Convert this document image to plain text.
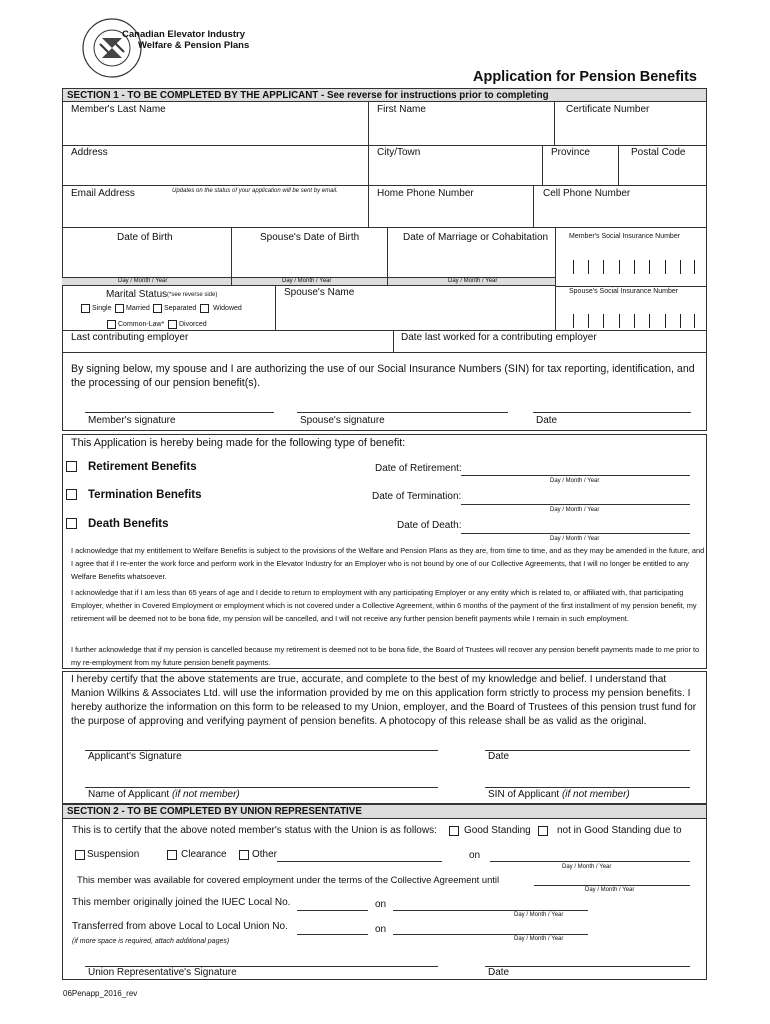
Canadian Elevator Industry
Welfare & Pension Plans
Application for Pension Benefits
SECTION 1 - TO BE COMPLETED BY THE APPLICANT - See reverse for instructions prior to completing
Member's Last Name	First Name	Certificate Number
Address	City/Town	Province	Postal Code
Email Address	Updates on the status of your application will be sent by email.	Home Phone Number	Cell Phone Number
Date of Birth	Spouse's Date of Birth	Date of Marriage or Cohabitation	Member's Social Insurance Number
Day / Month / Year	Day / Month / Year	Day / Month / Year
Marital Status (*see reverse side)	Spouse's Name	Spouse's Social Insurance Number
Single Married Separated Widowed
Common-Law* Divorced
Last contributing employer	Date last worked for a contributing employer
By signing below, my spouse and I are authorizing the use of our Social Insurance Numbers (SIN) for tax reporting, identification, and the processing of our pension benefit(s).
Member's signature	Spouse's signature	Date
This Application is hereby being made for the following type of benefit:
Retirement Benefits	Date of Retirement:
Day / Month / Year
Termination Benefits	Date of Termination:
Day / Month / Year
Death Benefits	Date of Death:
Day / Month / Year
I acknowledge that my entitlement to Welfare Benefits is subject to the provisions of the Welfare and Pension Plans as they are, from time to time, and as they may be amended in the future, and I agree that if I re-enter the work force and perform work in the Elevator Industry for an Employer who is not bound by one of our Collective Agreements, that I will no longer be entitled to any Welfare Benefits whatsoever.
I acknowledge that if I am less than 65 years of age and I decide to return to employment with any participating Employer or any entity which is related to, or affiliated with, that participating Employer, whether in Covered Employment or employment which is not covered under a Collective Agreement, within 6 months of the payment of the first installment of my pension benefit, my retirement will be deemed not to be bona fide, my pension will be cancelled, and I will not receive any further pension benefit payments while I remain in such employment.
I further acknowledge that if my pension is cancelled because my retirement is deemed not to be bona fide, the Board of Trustees will recover any pension benefit payments made to me prior to my re-employment from my future pension benefit payments.
I hereby certify that the above statements are true, accurate, and complete to the best of my knowledge and belief. I understand that Manion Wilkins & Associates Ltd. will use the information provided by me on this application form strictly to process my pension benefits. I hereby authorize the information on this form to be released to my Union, employer, and the Board of Trustees of this pension trust fund for the purpose of approving and verifying payment of pension benefits. A photocopy of this release shall be as valid as the original.
Applicant's Signature	Date
Name of Applicant (if not member)	SIN of Applicant (if not member)
SECTION 2 - TO BE COMPLETED BY UNION REPRESENTATIVE
This is to certify that the above noted member's status with the Union is as follows:	Good Standing	not in Good Standing due to
Suspension	Clearance	Other	on
Day / Month / Year
This member was available for covered employment under the terms of the Collective Agreement until
Day / Month / Year
This member originally joined the IUEC Local No.	on
Day / Month / Year
Transferred from above Local to Local Union No.	on
Day / Month / Year
(if more space is required, attach additional pages)
Union Representative's Signature	Date
06Penapp_2016_rev
